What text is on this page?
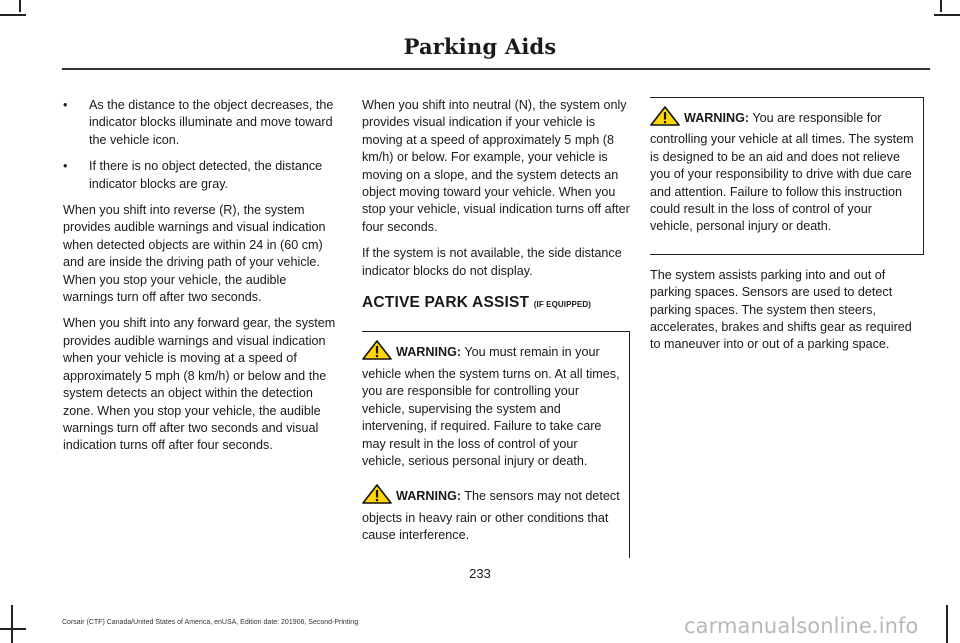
Parking Aids
• As the distance to the object decreases, the indicator blocks illuminate and move toward the vehicle icon.
• If there is no object detected, the distance indicator blocks are gray.

When you shift into reverse (R), the system provides audible warnings and visual indication when detected objects are within 24 in (60 cm) and are inside the driving path of your vehicle. When you stop your vehicle, the audible warnings turn off after two seconds.

When you shift into any forward gear, the system provides audible warnings and visual indication when your vehicle is moving at a speed of approximately 5 mph (8 km/h) or below and the system detects an object within the detection zone. When you stop your vehicle, the audible warnings turn off after two seconds and visual indication turns off after four seconds.

When you shift into neutral (N), the system only provides visual indication if your vehicle is moving at a speed of approximately 5 mph (8 km/h) or below. For example, your vehicle is moving on a slope, and the system detects an object moving toward your vehicle. When you stop your vehicle, visual indication turns off after four seconds.

If the system is not available, the side distance indicator blocks do not display.

ACTIVE PARK ASSIST (IF EQUIPPED)

WARNING: You must remain in your vehicle when the system turns on. At all times, you are responsible for controlling your vehicle, supervising the system and intervening, if required. Failure to take care may result in the loss of control of your vehicle, serious personal injury or death.

WARNING: The sensors may not detect objects in heavy rain or other conditions that cause interference.

WARNING: You are responsible for controlling your vehicle at all times. The system is designed to be an aid and does not relieve you of your responsibility to drive with due care and attention. Failure to follow this instruction could result in the loss of control of your vehicle, personal injury or death.

The system assists parking into and out of parking spaces. Sensors are used to detect parking spaces. The system then steers, accelerates, brakes and shifts gear as required to maneuver into or out of a parking space.

233
Corsair (CTF) Canada/United States of America, enUSA, Edition date: 201906, Second-Printing	carmanualsonline.info
